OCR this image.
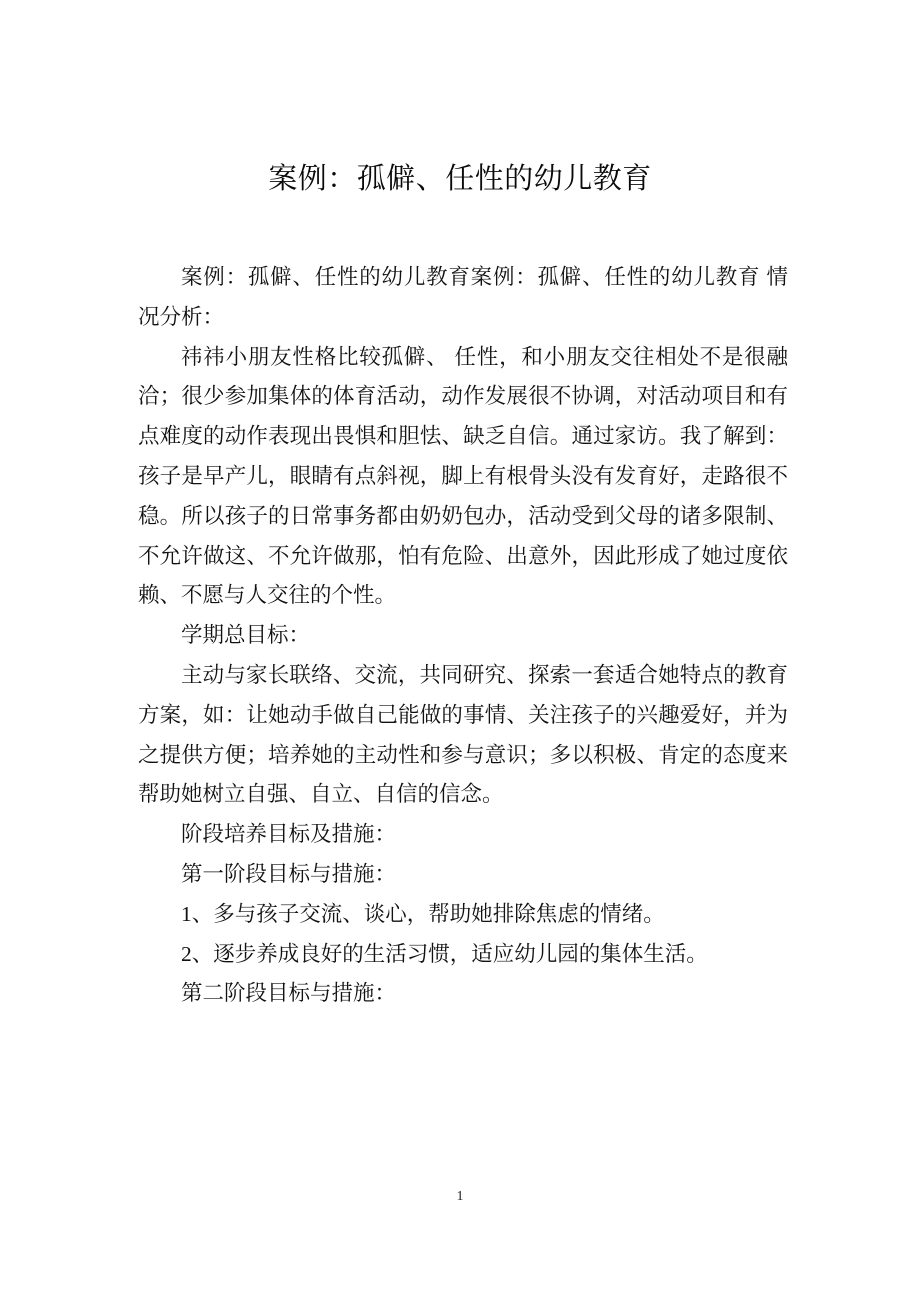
案例：孤僻、任性的幼儿教育

案例：孤僻、任性的幼儿教育案例：孤僻、任性的幼儿教育 情况分析：

祎祎小朋友性格比较孤僻、 任性，和小朋友交往相处不是很融洽；很少参加集体的体育活动，动作发展很不协调，对活动项目和有点难度的动作表现出畏惧和胆怯、缺乏自信。通过家访。我了解到：孩子是早产儿，眼睛有点斜视，脚上有根骨头没有发育好，走路很不稳。所以孩子的日常事务都由奶奶包办，活动受到父母的诸多限制、不允许做这、不允许做那，怕有危险、出意外，因此形成了她过度依赖、不愿与人交往的个性。

学期总目标：

主动与家长联络、交流，共同研究、探索一套适合她特点的教育方案，如：让她动手做自己能做的事情、关注孩子的兴趣爱好，并为之提供方便；培养她的主动性和参与意识；多以积极、肯定的态度来帮助她树立自强、自立、自信的信念。

阶段培养目标及措施：

第一阶段目标与措施：

1、多与孩子交流、谈心，帮助她排除焦虑的情绪。

2、逐步养成良好的生活习惯，适应幼儿园的集体生活。

第二阶段目标与措施：

1
